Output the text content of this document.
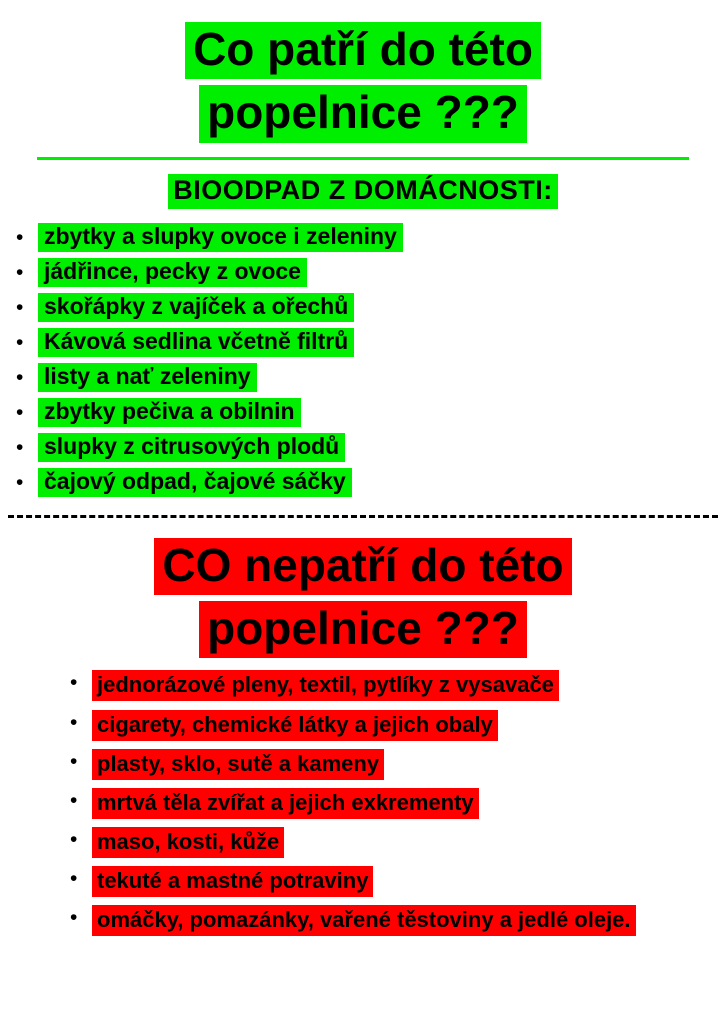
Co patří do této
popelnice ???
BIOODPAD Z DOMÁCNOSTI:
• zbytky a slupky ovoce i zeleniny
• jádřince, pecky z ovoce
• skořápky z vajíček a ořechů
• Kávová sedlina včetně filtrů
• listy a nať zeleniny
• zbytky pečiva a obilnin
• slupky z citrusových plodů
• čajový odpad, čajové sáčky
CO nepatří do této
popelnice ???
• jednorázové pleny, textil, pytlíky z vysavače
• cigarety, chemické látky a jejich obaly
• plasty, sklo, sutě a kameny
• mrtvá těla zvířat a jejich exkrementy
• maso, kosti, kůže
• tekuté a mastné potraviny
• omáčky, pomazánky, vařené těstoviny a jedlé oleje.
